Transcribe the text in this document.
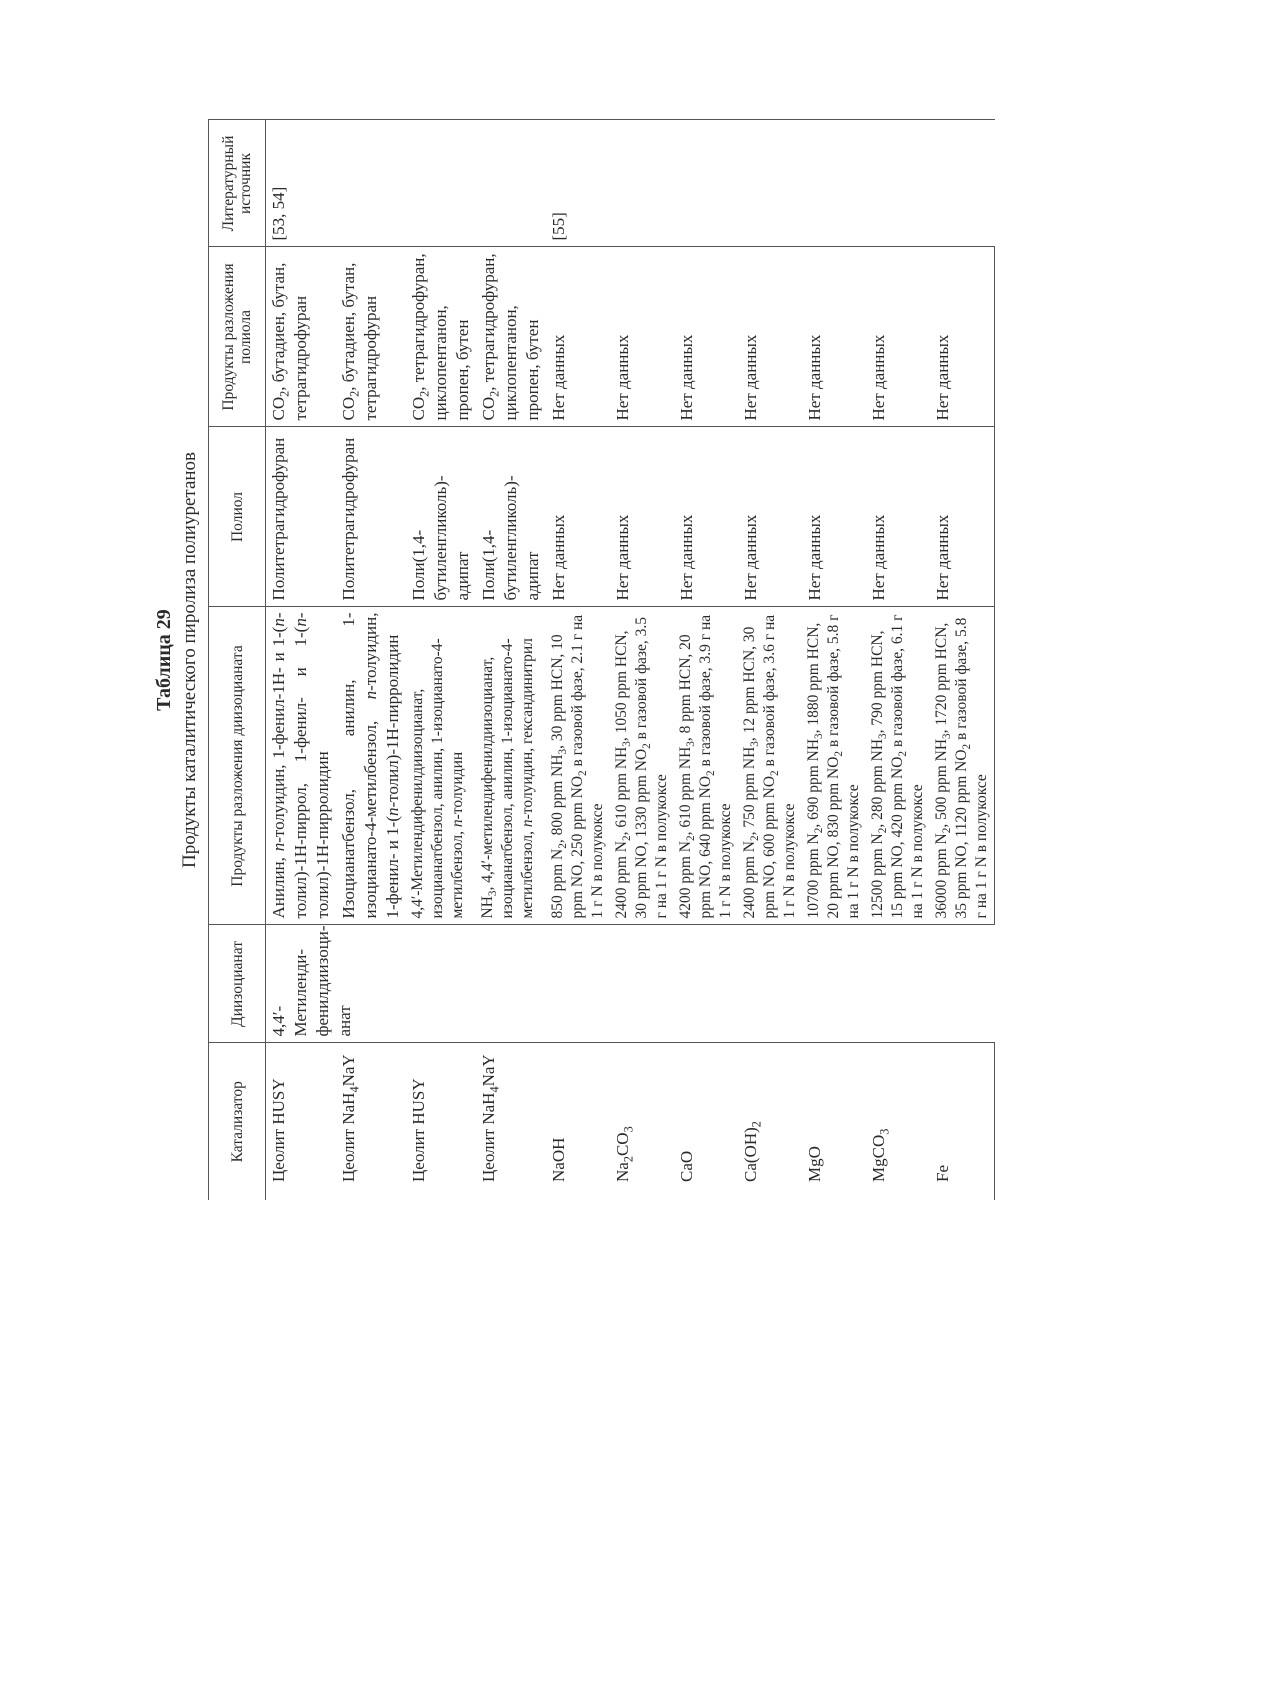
Таблица 29 Продукты каталитического пиролиза полиуретанов
Катализатор	Диизоцианат	Продукты разложения диизоцианата	Полиол	Продукты разложения полиола	Литературный источник
Цеолит HUSY	4,4′-Метилендифенилдиизоцианат	Анилин, п-толуидин, 1-фенил-1Н- и 1-(п-толил)-1Н-пиррол, 1-фенил- и 1-(п-толил)-1Н-пирролидин	Политетрагидрофуран	$CO_2$, бутадиен, бутан, тетрагидрофуран	[53, 54]
Цеолит NaH$_4$NaY		Изоцианатбензол, анилин, 1-изоцианато-4-метилбензол, п-толуидин, 1-фенил- и 1-(п-толил)-1Н-пирролидин	Политетрагидрофуран	$CO_2$, бутадиен, бутан, тетрагидрофуран	
Цеолит HUSY		4,4′-Метилендифенилдиизоцианат, изоцианатбензол, анилин, 1-изоцианато-4-метилбензол, п-толуидин	Поли(1,4-бутиленгликоль)-адипат	$CO_2$, тетрагидрофуран, циклопентанон, пропен, бутен	
Цеолит NaH$_4$NaY		$NH_3$, 4,4′-метилендифенилдиизоцианат, изоцианатбензол, анилин, 1-изоцианато-4-метилбензол, п-толуидин, гександинитрил	Поли(1,4-бутиленгликоль)-адипат	$CO_2$, тетрагидрофуран, циклопентанон, пропен, бутен	
NaOH		850 ppm $N_2$, 800 ppm $NH_3$, 30 ppm HCN, 10 ppm NO, 250 ppm $NO_2$ в газовой фазе, 2.1 г на 1 г N в полукоксе	Нет данных	Нет данных	[55]
$Na_2CO_3$		2400 ppm $N_2$, 610 ppm $NH_3$, 1050 ppm HCN, 30 ppm NO, 1330 ppm $NO_2$ в газовой фазе, 3.5 г на 1 г N в полукоксе	Нет данных	Нет данных	
CaO		4200 ppm $N_2$, 610 ppm $NH_3$, 8 ppm HCN, 20 ppm NO, 640 ppm $NO_2$ в газовой фазе, 3.9 г на 1 г N в полукоксе	Нет данных	Нет данных	
$Ca(OH)_2$		2400 ppm $N_2$, 750 ppm $NH_3$, 12 ppm HCN, 30 ppm NO, 600 ppm $NO_2$ в газовой фазе, 3.6 г на 1 г N в полукоксе	Нет данных	Нет данных	
MgO		10700 ppm $N_2$, 690 ppm $NH_3$, 1880 ppm HCN, 20 ppm NO, 830 ppm $NO_2$ в газовой фазе, 5.8 г на 1 г N в полукоксе	Нет данных	Нет данных	
MgCO$_3$		12500 ppm $N_2$, 280 ppm $NH_3$, 790 ppm HCN, 15 ppm NO, 420 ppm $NO_2$ в газовой фазе, 6.1 г на 1 г N в полукоксе	Нет данных	Нет данных	
Fe		36000 ppm $N_2$, 500 ppm $NH_3$, 1720 ppm HCN, 35 ppm NO, 1120 ppm $NO_2$ в газовой фазе, 5.8 г на 1 г N в полукоксе	Нет данных	Нет данных	
